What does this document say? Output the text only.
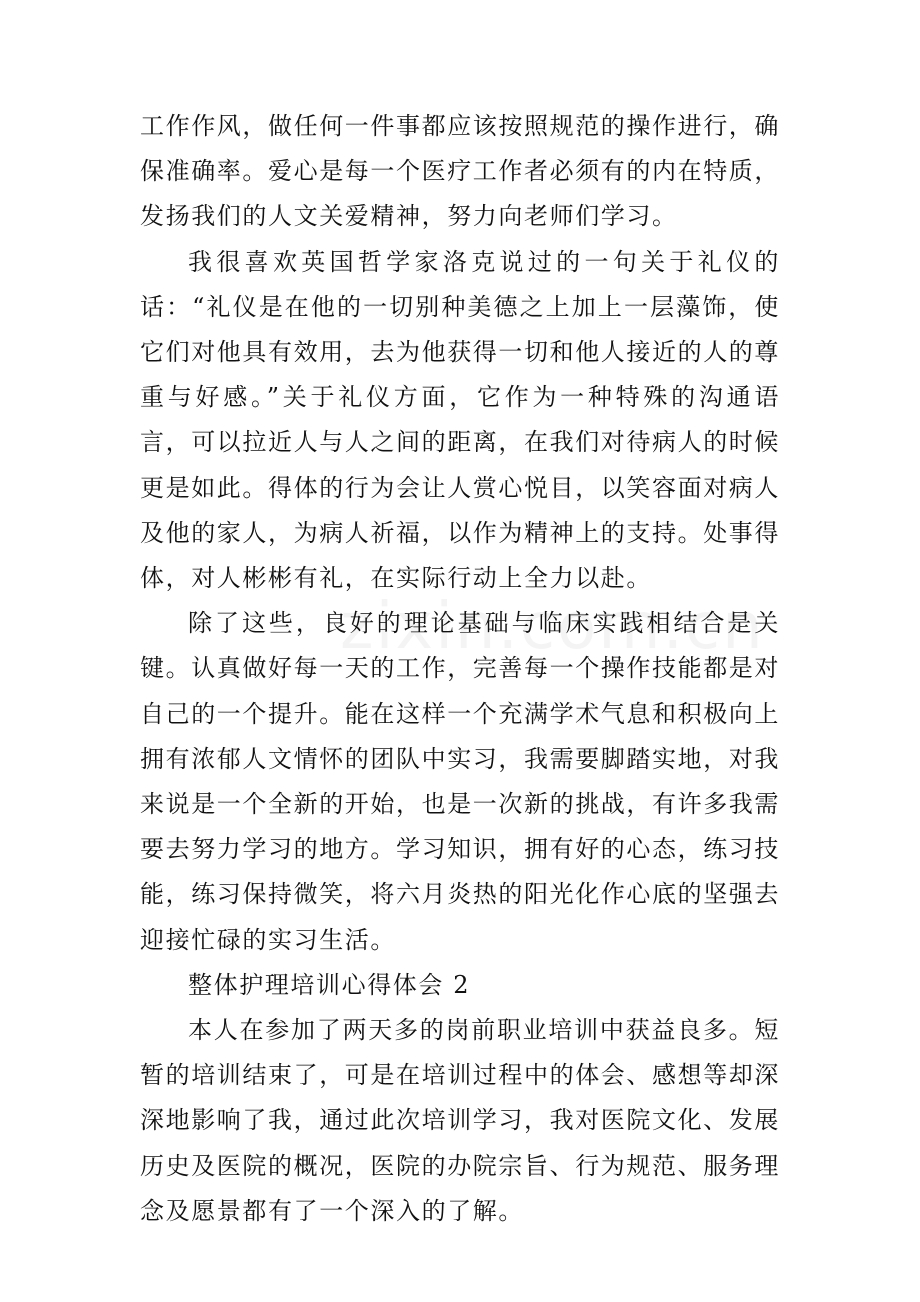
工作作风，做任何一件事都应该按照规范的操作进行，确保准确率。爱心是每一个医疗工作者必须有的内在特质，发扬我们的人文关爱精神，努力向老师们学习。

我很喜欢英国哲学家洛克说过的一句关于礼仪的话：“礼仪是在他的一切别种美德之上加上一层藻饰，使它们对他具有效用，去为他获得一切和他人接近的人的尊重与好感。”关于礼仪方面，它作为一种特殊的沟通语言，可以拉近人与人之间的距离，在我们对待病人的时候更是如此。得体的行为会让人赏心悦目，以笑容面对病人及他的家人，为病人祈福，以作为精神上的支持。处事得体，对人彬彬有礼，在实际行动上全力以赴。

除了这些，良好的理论基础与临床实践相结合是关键。认真做好每一天的工作，完善每一个操作技能都是对自己的一个提升。能在这样一个充满学术气息和积极向上拥有浓郁人文情怀的团队中实习，我需要脚踏实地，对我来说是一个全新的开始，也是一次新的挑战，有许多我需要去努力学习的地方。学习知识，拥有好的心态，练习技能，练习保持微笑，将六月炎热的阳光化作心底的坚强去迎接忙碌的实习生活。

整体护理培训心得体会 2

本人在参加了两天多的岗前职业培训中获益良多。短暂的培训结束了，可是在培训过程中的体会、感想等却深深地影响了我，通过此次培训学习，我对医院文化、发展历史及医院的概况，医院的办院宗旨、行为规范、服务理念及愿景都有了一个深入的了解。
